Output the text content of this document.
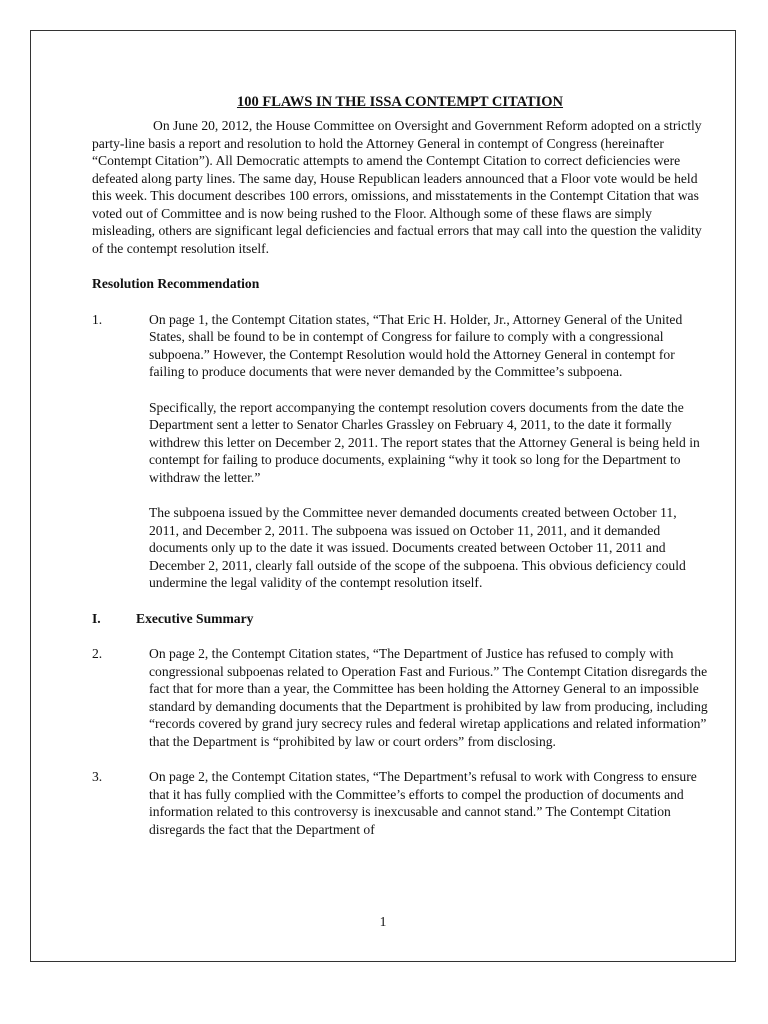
100 FLAWS IN THE ISSA CONTEMPT CITATION

On June 20, 2012, the House Committee on Oversight and Government Reform adopted on a strictly party-line basis a report and resolution to hold the Attorney General in contempt of Congress (hereinafter “Contempt Citation”). All Democratic attempts to amend the Contempt Citation to correct deficiencies were defeated along party lines. The same day, House Republican leaders announced that a Floor vote would be held this week. This document describes 100 errors, omissions, and misstatements in the Contempt Citation that was voted out of Committee and is now being rushed to the Floor. Although some of these flaws are simply misleading, others are significant legal deficiencies and factual errors that may call into the question the validity of the contempt resolution itself.

Resolution Recommendation
1.	On page 1, the Contempt Citation states, “That Eric H. Holder, Jr., Attorney General of the United States, shall be found to be in contempt of Congress for failure to comply with a congressional subpoena.” However, the Contempt Resolution would hold the Attorney General in contempt for failing to produce documents that were never demanded by the Committee’s subpoena.

Specifically, the report accompanying the contempt resolution covers documents from the date the Department sent a letter to Senator Charles Grassley on February 4, 2011, to the date it formally withdrew this letter on December 2, 2011. The report states that the Attorney General is being held in contempt for failing to produce documents, explaining “why it took so long for the Department to withdraw the letter.”

The subpoena issued by the Committee never demanded documents created between October 11, 2011, and December 2, 2011. The subpoena was issued on October 11, 2011, and it demanded documents only up to the date it was issued. Documents created between October 11, 2011 and December 2, 2011, clearly fall outside of the scope of the subpoena. This obvious deficiency could undermine the legal validity of the contempt resolution itself.

I.	Executive Summary
2.	On page 2, the Contempt Citation states, “The Department of Justice has refused to comply with congressional subpoenas related to Operation Fast and Furious.” The Contempt Citation disregards the fact that for more than a year, the Committee has been holding the Attorney General to an impossible standard by demanding documents that the Department is prohibited by law from producing, including “records covered by grand jury secrecy rules and federal wiretap applications and related information” that the Department is “prohibited by law or court orders” from disclosing.

3.	On page 2, the Contempt Citation states, “The Department’s refusal to work with Congress to ensure that it has fully complied with the Committee’s efforts to compel the production of documents and information related to this controversy is inexcusable and cannot stand.” The Contempt Citation disregards the fact that the Department of

1
